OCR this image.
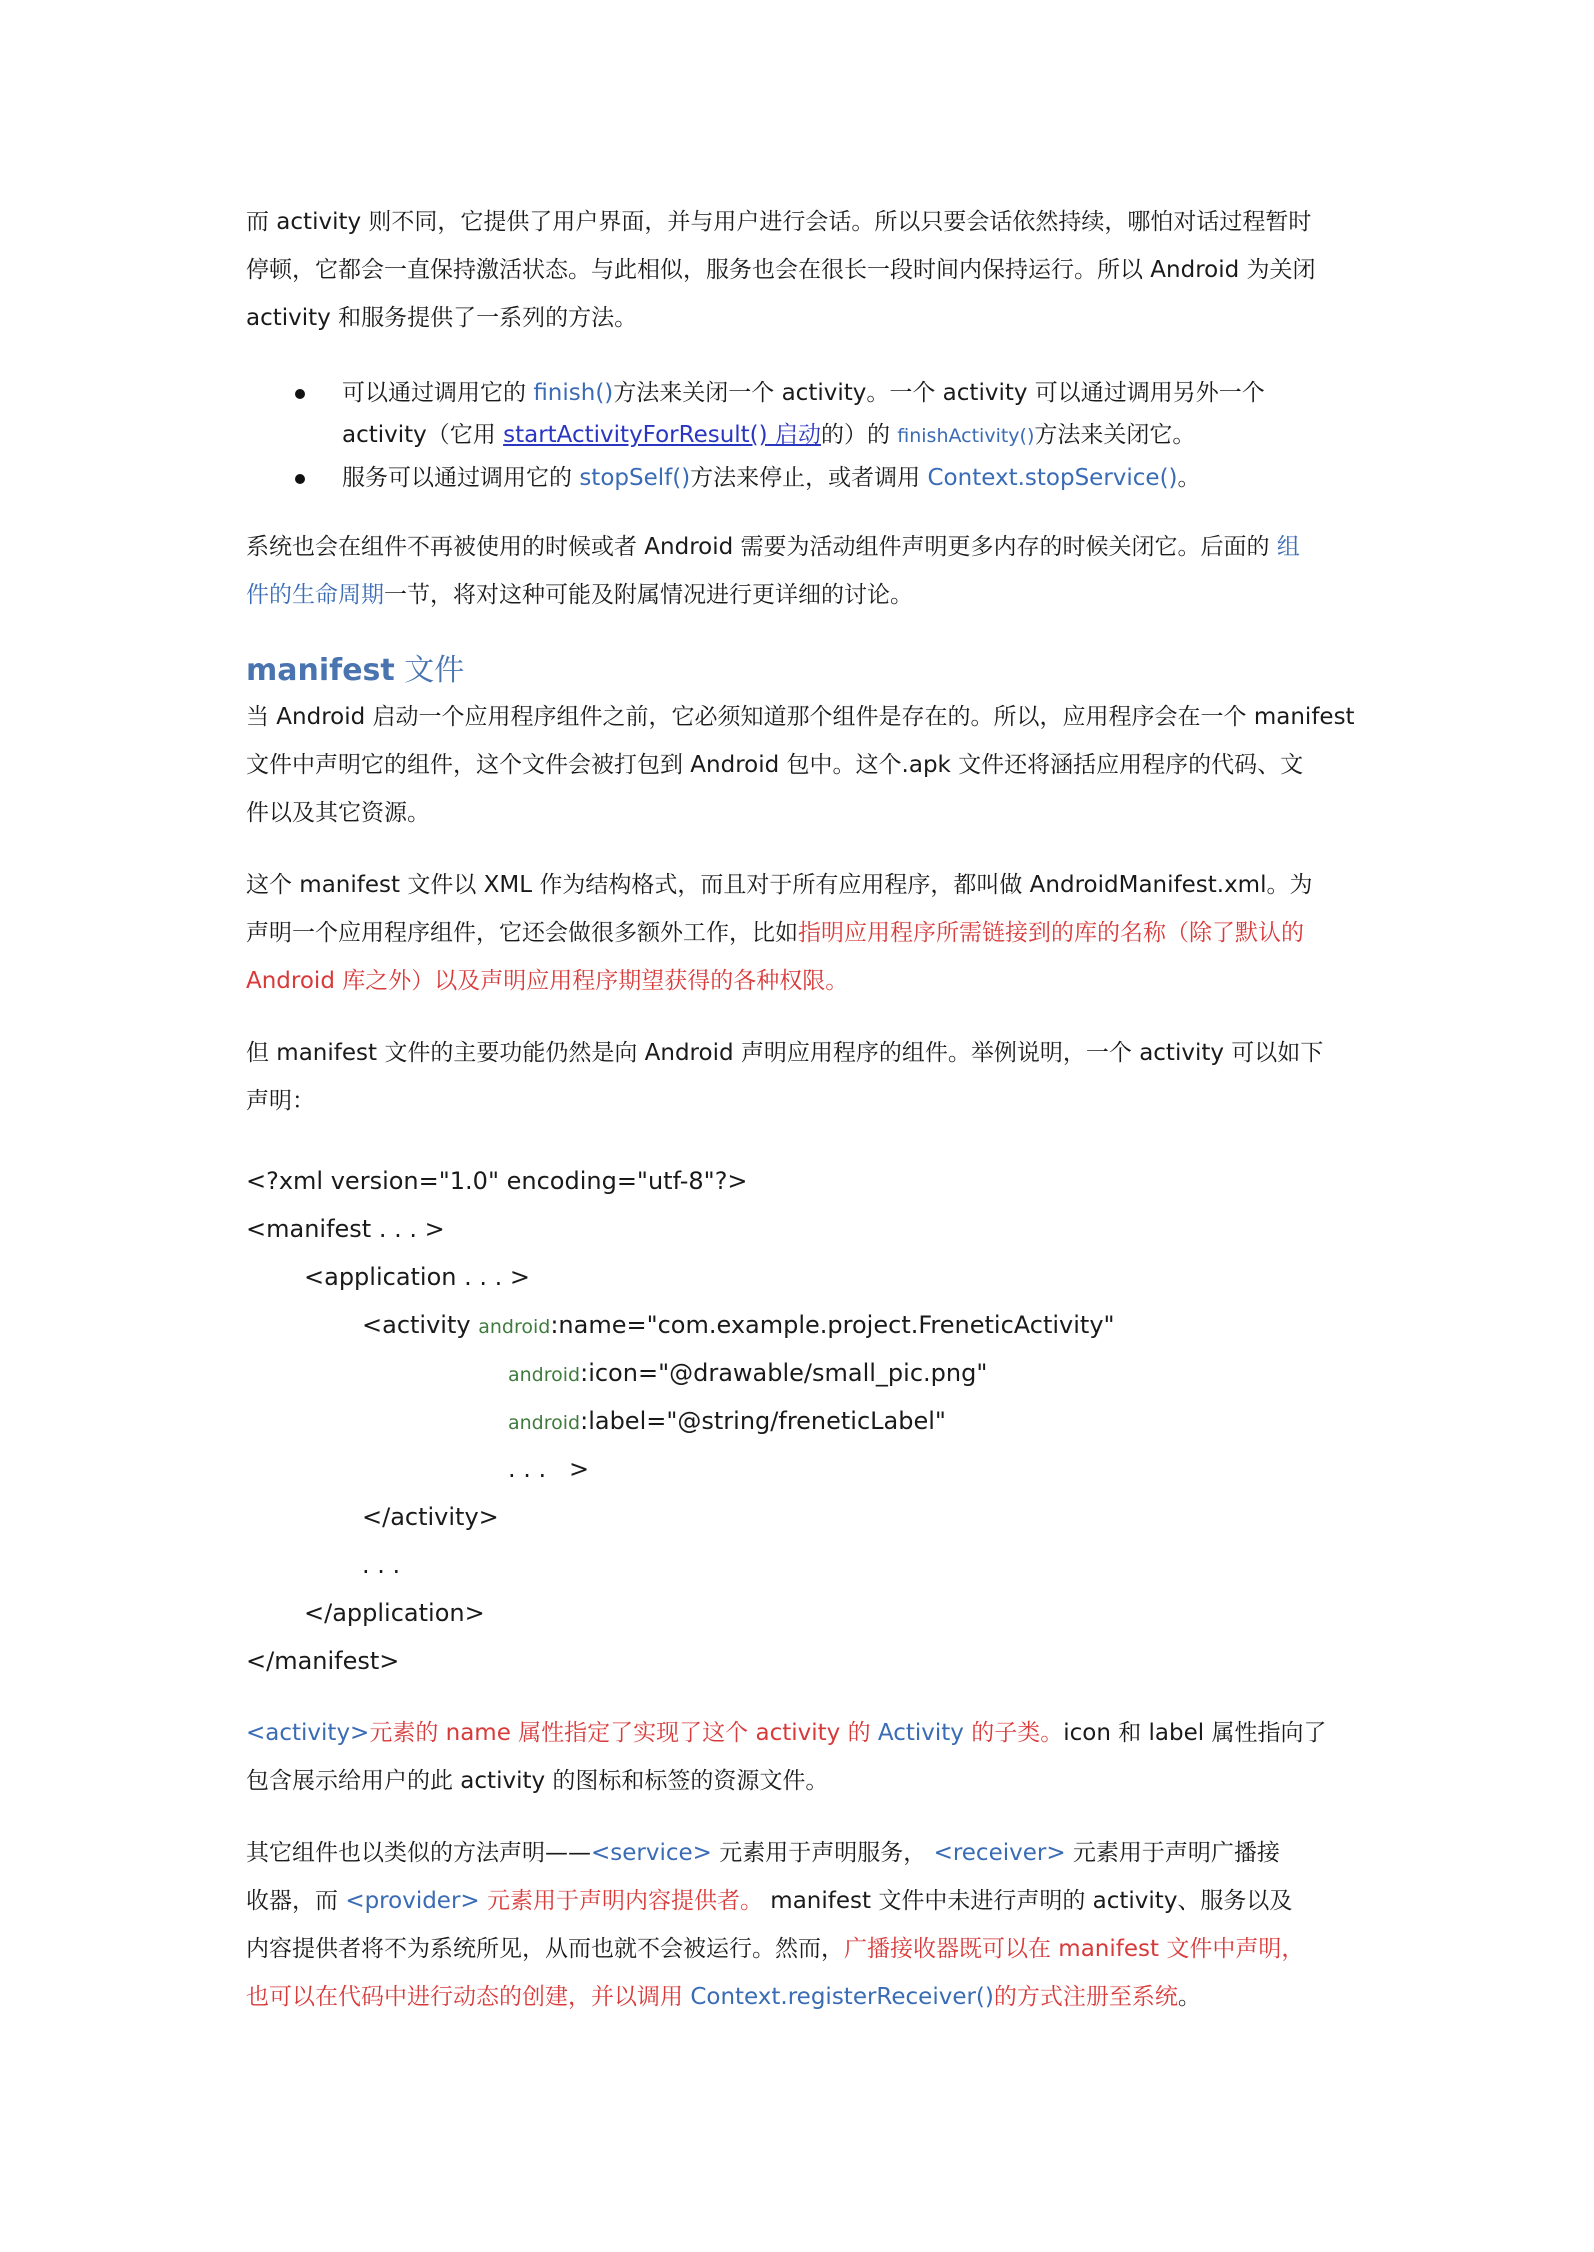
而 activity 则不同，它提供了用户界面，并与用户进行会话。所以只要会话依然持续，哪怕对话过程暂时
停顿，它都会一直保持激活状态。与此相似，服务也会在很长一段时间内保持运行。所以 Android 为关闭
activity 和服务提供了一系列的方法。

可以通过调用它的 finish()方法来关闭一个 activity。一个 activity 可以通过调用另外一个
activity（它用 startActivityForResult() 启动的）的 finishActivity()方法来关闭它。
服务可以通过调用它的 stopSelf()方法来停止，或者调用 Context.stopService()。

系统也会在组件不再被使用的时候或者 Android 需要为活动组件声明更多内存的时候关闭它。后面的 组
件的生命周期一节，将对这种可能及附属情况进行更详细的讨论。

manifest 文件

当 Android 启动一个应用程序组件之前，它必须知道那个组件是存在的。所以，应用程序会在一个 manifest
文件中声明它的组件，这个文件会被打包到 Android 包中。这个.apk 文件还将涵括应用程序的代码、文
件以及其它资源。

这个 manifest 文件以 XML 作为结构格式，而且对于所有应用程序，都叫做 AndroidManifest.xml。为
声明一个应用程序组件，它还会做很多额外工作，比如指明应用程序所需链接到的库的名称（除了默认的
Android 库之外）以及声明应用程序期望获得的各种权限。

但 manifest 文件的主要功能仍然是向 Android 声明应用程序的组件。举例说明，一个 activity 可以如下
声明：

<?xml version="1.0" encoding="utf-8"?>
<manifest . . . >
<application . . . >
<activity android:name="com.example.project.FreneticActivity"
android:icon="@drawable/small_pic.png"
android:label="@string/freneticLabel"
. . .   >
</activity>
. . .
</application>
</manifest>

<activity>元素的 name 属性指定了实现了这个 activity 的 Activity 的子类。icon 和 label 属性指向了
包含展示给用户的此 activity 的图标和标签的资源文件。

其它组件也以类似的方法声明——<service> 元素用于声明服务， <receiver> 元素用于声明广播接
收器，而 <provider> 元素用于声明内容提供者。 manifest 文件中未进行声明的 activity、服务以及
内容提供者将不为系统所见，从而也就不会被运行。然而，广播接收器既可以在 manifest 文件中声明，
也可以在代码中进行动态的创建，并以调用 Context.registerReceiver()的方式注册至系统。
